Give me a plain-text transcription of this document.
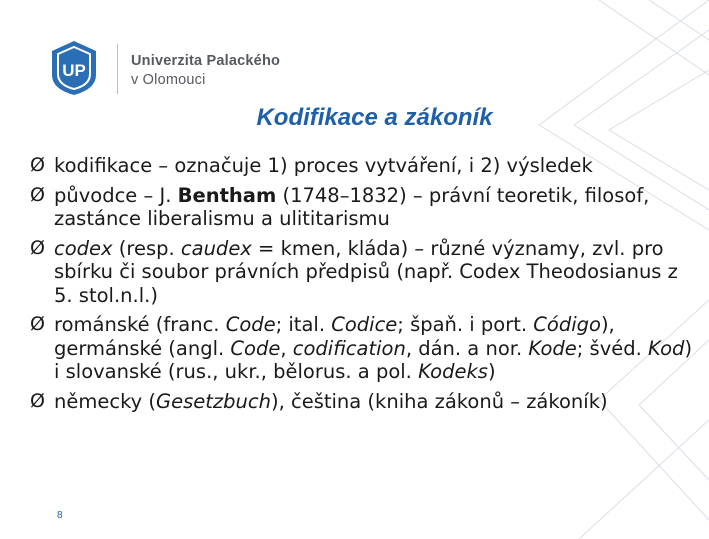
UP	Univerzita Palackého
v Olomouci
Kodifikace a zákoník
Ø kodifikace – označuje 1) proces vytváření, i 2) výsledek
Ø původce – J. Bentham (1748–1832) – právní teoretik, filosof, zastánce liberalismu a ulititarismu
Ø codex (resp. caudex = kmen, kláda) – různé významy, zvl. pro sbírku či soubor právních předpisů (např. Codex Theodosianus z 5. stol.n.l.)
Ø románské (franc. Code; ital. Codice; špaň. i port. Código), germánské (angl. Code, codification, dán. a nor. Kode; švéd. Kod) i slovanské (rus., ukr., bělorus. a pol. Kodeks)
Ø německy (Gesetzbuch), čeština (kniha zákonů – zákoník)
8
